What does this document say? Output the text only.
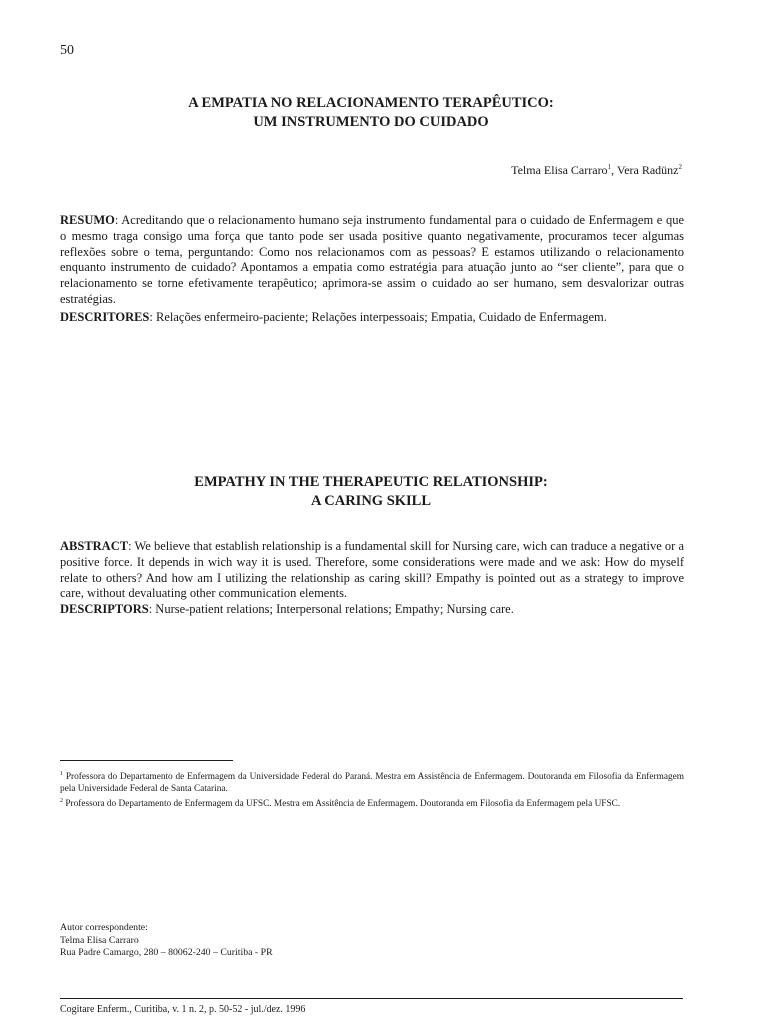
50
A EMPATIA NO RELACIONAMENTO TERAPÊUTICO:
UM INSTRUMENTO DO CUIDADO
Telma Elisa Carraro$^1$, Vera Radünz$^2$
RESUMO: Acreditando que o relacionamento humano seja instrumento fundamental para o cuidado de Enfermagem e que o mesmo traga consigo uma força que tanto pode ser usada positive quanto negativamente, procuramos tecer algumas reflexões sobre o tema, perguntando: Como nos relacionamos com as pessoas? E estamos utilizando o relacionamento enquanto instrumento de cuidado? Apontamos a empatia como estratégia para atuação junto ao “ser cliente”, para que o relacionamento se torne efetivamente terapêutico; aprimora-se assim o cuidado ao ser humano, sem desvalorizar outras estratégias.
DESCRITORES: Relações enfermeiro-paciente; Relações interpessoais; Empatia, Cuidado de Enfermagem.
EMPATHY IN THE THERAPEUTIC RELATIONSHIP:
A CARING SKILL
ABSTRACT: We believe that establish relationship is a fundamental skill for Nursing care, wich can traduce a negative or a positive force. It depends in wich way it is used. Therefore, some considerations were made and we ask: How do myself relate to others? And how am I utilizing the relationship as caring skill? Empathy is pointed out as a strategy to improve care, without devaluating other communication elements.
DESCRIPTORS: Nurse-patient relations; Interpersonal relations; Empathy; Nursing care.
$^1$ Professora do Departamento de Enfermagem da Universidade Federal do Paraná. Mestra em Assistência de Enfermagem. Doutoranda em Filosofia da Enfermagem pela Universidade Federal de Santa Catarina.
$^2$ Professora do Departamento de Enfermagem da UFSC. Mestra em Assitência de Enfermagem. Doutoranda em Filosofia da Enfermagem pela UFSC.
Autor correspondente:
Telma Elisa Carraro
Rua Padre Camargo, 280 – 80062-240 – Curitiba - PR
Cogitare Enferm., Curitiba, v. 1 n. 2, p. 50-52 - jul./dez. 1996
